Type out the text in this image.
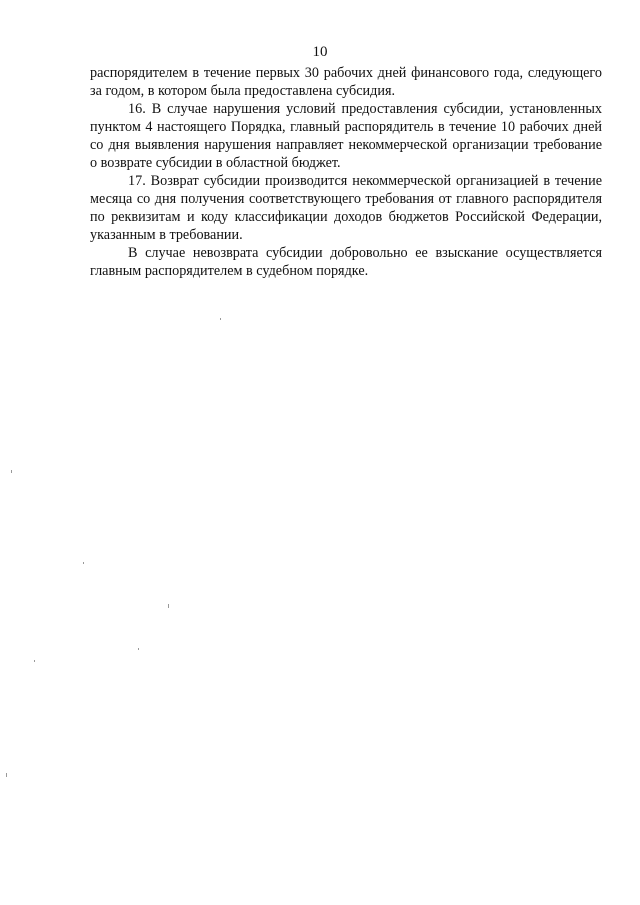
10

распорядителем в течение первых 30 рабочих дней финансового года, следующего за годом, в котором была предоставлена субсидия.

16. В случае нарушения условий предоставления субсидии, установленных пунктом 4 настоящего Порядка, главный распорядитель в течение 10 рабочих дней со дня выявления нарушения направляет некоммерческой организации требование о возврате субсидии в областной бюджет.

17. Возврат субсидии производится некоммерческой организацией в течение месяца со дня получения соответствующего требования от главного распорядителя по реквизитам и коду классификации доходов бюджетов Российской Федерации, указанным в требовании.

В случае невозврата субсидии добровольно ее взыскание осуществляется главным распорядителем в судебном порядке.
